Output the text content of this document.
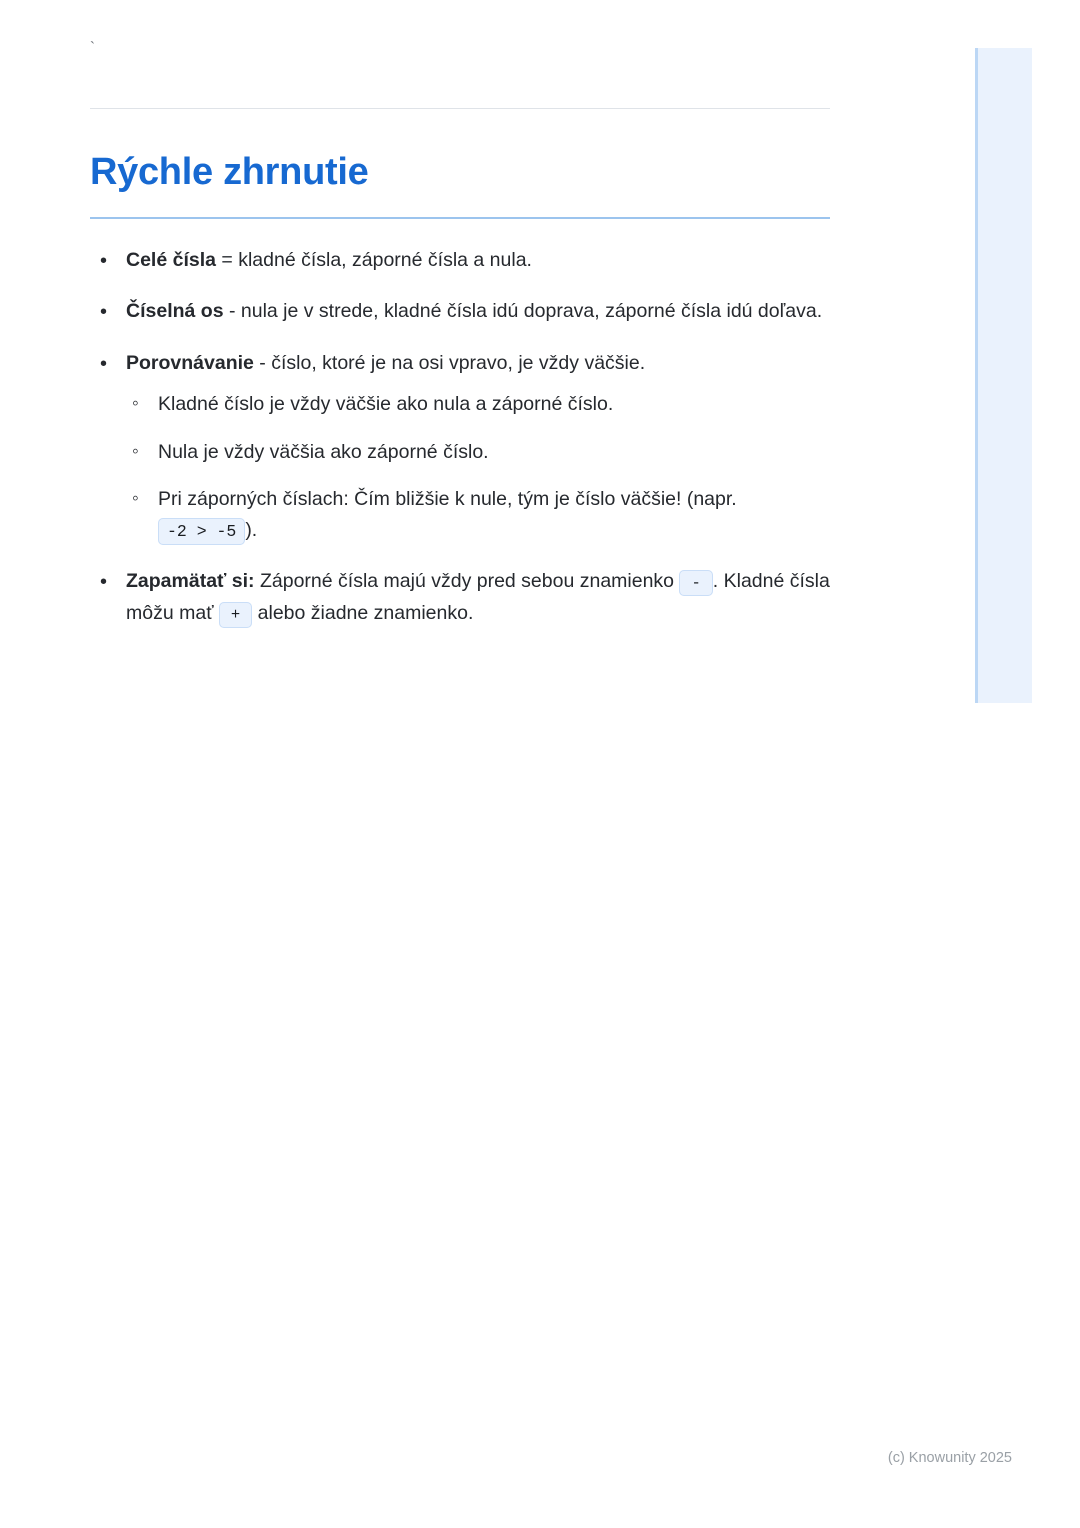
`
Rýchle zhrnutie
• Celé čísla = kladné čísla, záporné čísla a nula.
• Číselná os - nula je v strede, kladné čísla idú doprava, záporné čísla idú doľava.
• Porovnávanie - číslo, ktoré je na osi vpravo, je vždy väčšie.
◦ Kladné číslo je vždy väčšie ako nula a záporné číslo.
◦ Nula je vždy väčšia ako záporné číslo.
◦ Pri záporných číslach: Čím bližšie k nule, tým je číslo väčšie! (napr. -2 > -5 ).
• Zapamätať si: Záporné čísla majú vždy pred sebou znamienko - . Kladné čísla môžu mať + alebo žiadne znamienko.
(c) Knowunity 2025
